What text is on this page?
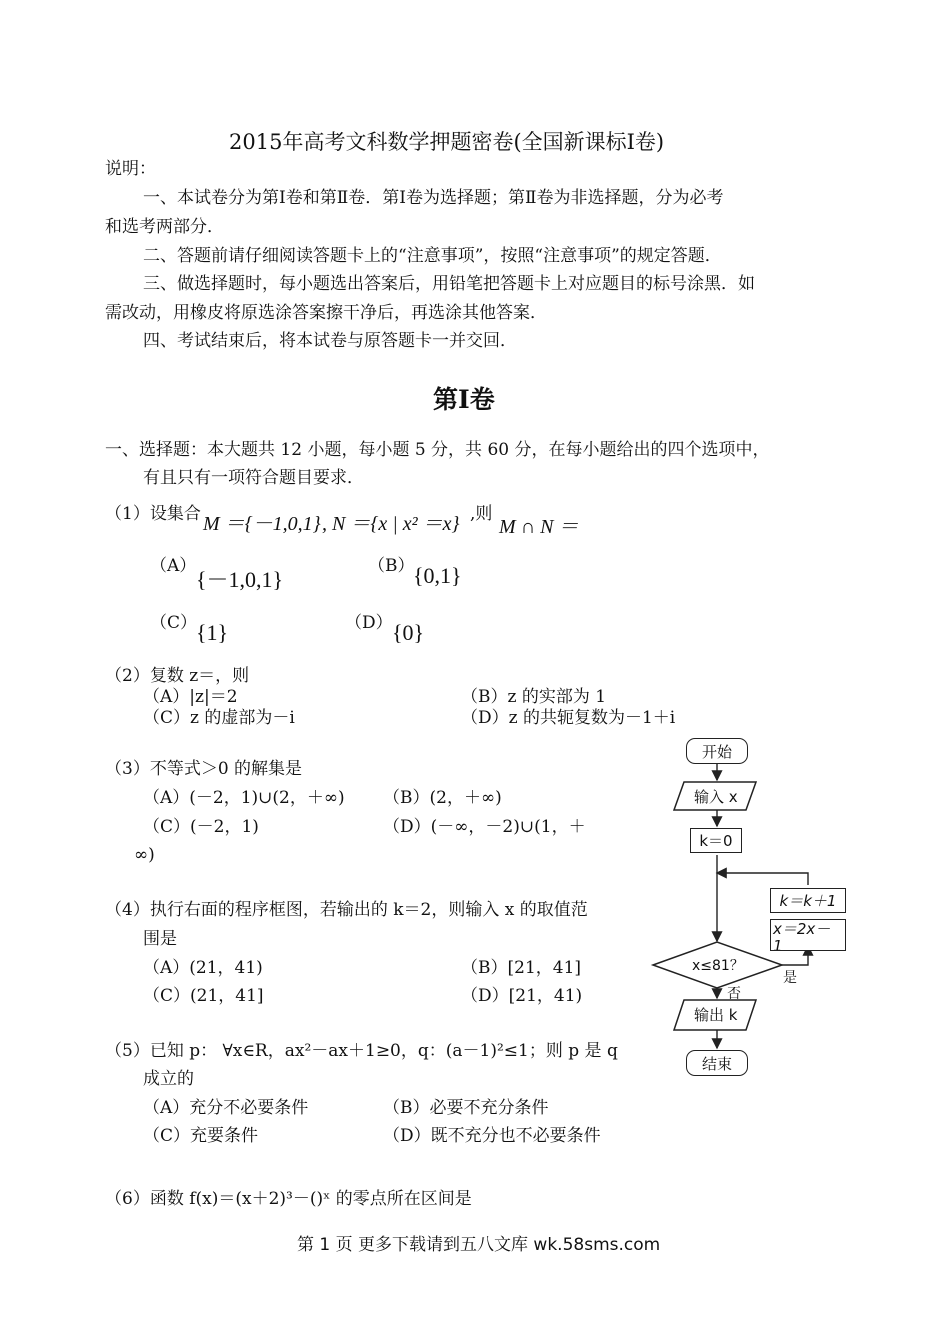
2015年高考文科数学押题密卷(全国新课标I卷)
说明：
一、本试卷分为第Ⅰ卷和第Ⅱ卷．第Ⅰ卷为选择题；第Ⅱ卷为非选择题，分为必考
和选考两部分．
二、答题前请仔细阅读答题卡上的“注意事项”，按照“注意事项”的规定答题．
三、做选择题时，每小题选出答案后，用铅笔把答题卡上对应题目的标号涂黑．如
需改动，用橡皮将原选涂答案擦干净后，再选涂其他答案．
四、考试结束后，将本试卷与原答题卡一并交回．
第Ⅰ卷
一、选择题：本大题共 12 小题，每小题 5 分，共 60 分，在每小题给出的四个选项中，
有且只有一项符合题目要求．
（1）设集合 M ＝{－1,0,1} , N ＝{x | x² ＝x} ,则
M ∩ N ＝
（A）
{－1,0,1}
（B）
{0,1}
（C）
{1}	（D） {0}
（2）复数 z＝，则
（A）|z|＝2	（B）z 的实部为 1
（C）z 的虚部为－i	（D）z 的共轭复数为－1＋i
（3）不等式＞0 的解集是
（A）(－2，1)∪(2，＋∞) （B）(2，＋∞)
（C）(－2，1)	（D）(－∞，－2)∪(1，＋
∞)
（4）执行右面的程序框图，若输出的 k＝2，则输入 x 的取值范
围是
（A）(21，41)	（B）[21，41]
（C）(21，41]	（D）[21，41)
（5）已知 p： ∀x∈R，ax²－ax＋1≥0，q：(a－1)²≤1；则 p 是 q
成立的
（A）充分不必要条件	（B）必要不充分条件
（C）充要条件	（D）既不充分也不必要条件
（6）函数 f(x)＝(x＋2)³－()ˣ 的零点所在区间是
开始
输入 x
k＝0
k＝k＋1
x＝2x－1
x≤81？
是
否
输出 k
结束
第 1 页 更多下载请到五八文库 wk.58sms.com
